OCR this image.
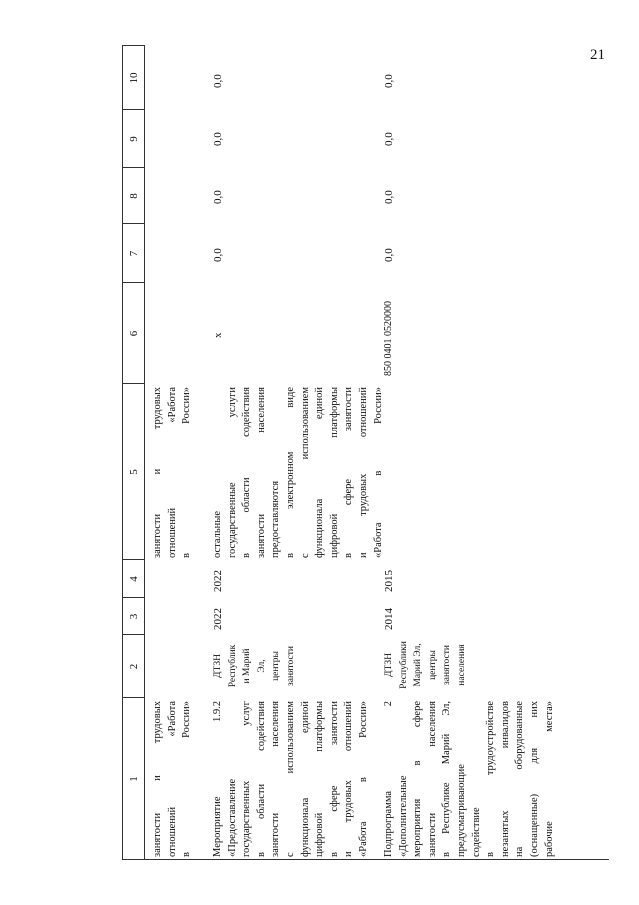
21
1
2
3
4
5
6
7
8
9
10
занятости и трудовых
отношений «Работа
в России»
занятости и трудовых
отношений «Работа
в России»
Мероприятие 1.9.2
«Предоставление
государственных услуг
в области содействия
занятости населения
с использованием
функционала единой
цифровой платформы
в сфере занятости
и трудовых отношений
«Работа в России»
ДТЗН
Республик
и Марий
Эл,
центры
занятости
2022
2022
остальные
государственные услуги
в области содействия
занятости населения
предоставляются
в электронном виде
с использованием
функционала единой
цифровой платформы
в сфере занятости
и трудовых отношений
«Работа в России»
х
0,0
0,0
0,0
0,0
Подпрограмма 2
«Дополнительные
мероприятия в сфере
занятости населения
в Республике Марий Эл,
предусматривающие
содействие
в трудоустройстве
незанятых инвалидов
на оборудованные
(оснащенные) для них
рабочие места»
ДТЗН
Республики
Марий Эл,
центры
занятости
населения
2014
2015
850 0401 0520000
0,0
0,0
0,0
0,0
